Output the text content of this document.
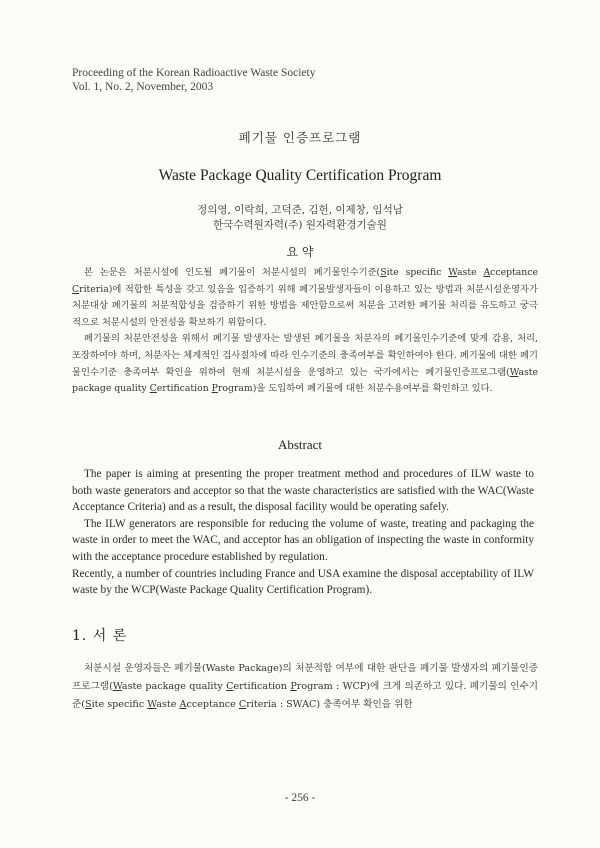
Proceeding of the Korean Radioactive Waste Society
Vol. 1, No. 2, November, 2003
폐기물 인증프로그램
Waste Package Quality Certification Program
정의영, 이락희, 고덕준, 김헌, 이제창, 임석남
한국수력원자력(주) 원자력환경기술원
요 약

본 논문은 처분시설에 인도될 폐기물이 처분시설의 폐기물인수기준(Site specific Waste Acceptance Criteria)에 적합한 특성을 갖고 있음을 입증하기 위해 폐기물발생자들이 이용하고 있는 방법과 처분시설운영자가 처분대상 폐기물의 처분적합성을 검증하기 위한 방법을 제안함으로써 처분을 고려한 폐기물 처리를 유도하고 궁극적으로 처분시설의 안전성을 확보하기 위함이다.

폐기물의 처분안전성을 위해서 폐기물 발생자는 발생된 폐기물을 처분자의 폐기물인수기준에 맞게 감용, 처리, 포장하여야 하며, 처분자는 체계적인 검사절차에 따라 인수기준의 충족여부를 확인하여야 한다. 폐기물에 대한 폐기물인수기준 충족여부 확인을 위하여 현재 처분시설을 운영하고 있는 국가에서는 폐기물인증프로그램(Waste package quality Certification Program)을 도입하여 폐기물에 대한 처분수용여부를 확인하고 있다.

Abstract

The paper is aiming at presenting the proper treatment method and procedures of ILW waste to both waste generators and acceptor so that the waste characteristics are satisfied with the WAC(Waste Acceptance Criteria) and as a result, the disposal facility would be operating safely.

The ILW generators are responsible for reducing the volume of waste, treating and packaging the waste in order to meet the WAC, and acceptor has an obligation of inspecting the waste in conformity with the acceptance procedure established by regulation.

Recently, a number of countries including France and USA examine the disposal acceptability of ILW waste by the WCP(Waste Package Quality Certification Program).

1. 서 론

처분시설 운영자들은 폐기물(Waste Package)의 처분적합 여부에 대한 판단을 폐기물 발생자의 폐기물인증프로그램(Waste package quality Certification Program : WCP)에 크게 의존하고 있다. 폐기물의 인수기준(Site specific Waste Acceptance Criteria : SWAC) 충족여부 확인을 위한

- 256 -
